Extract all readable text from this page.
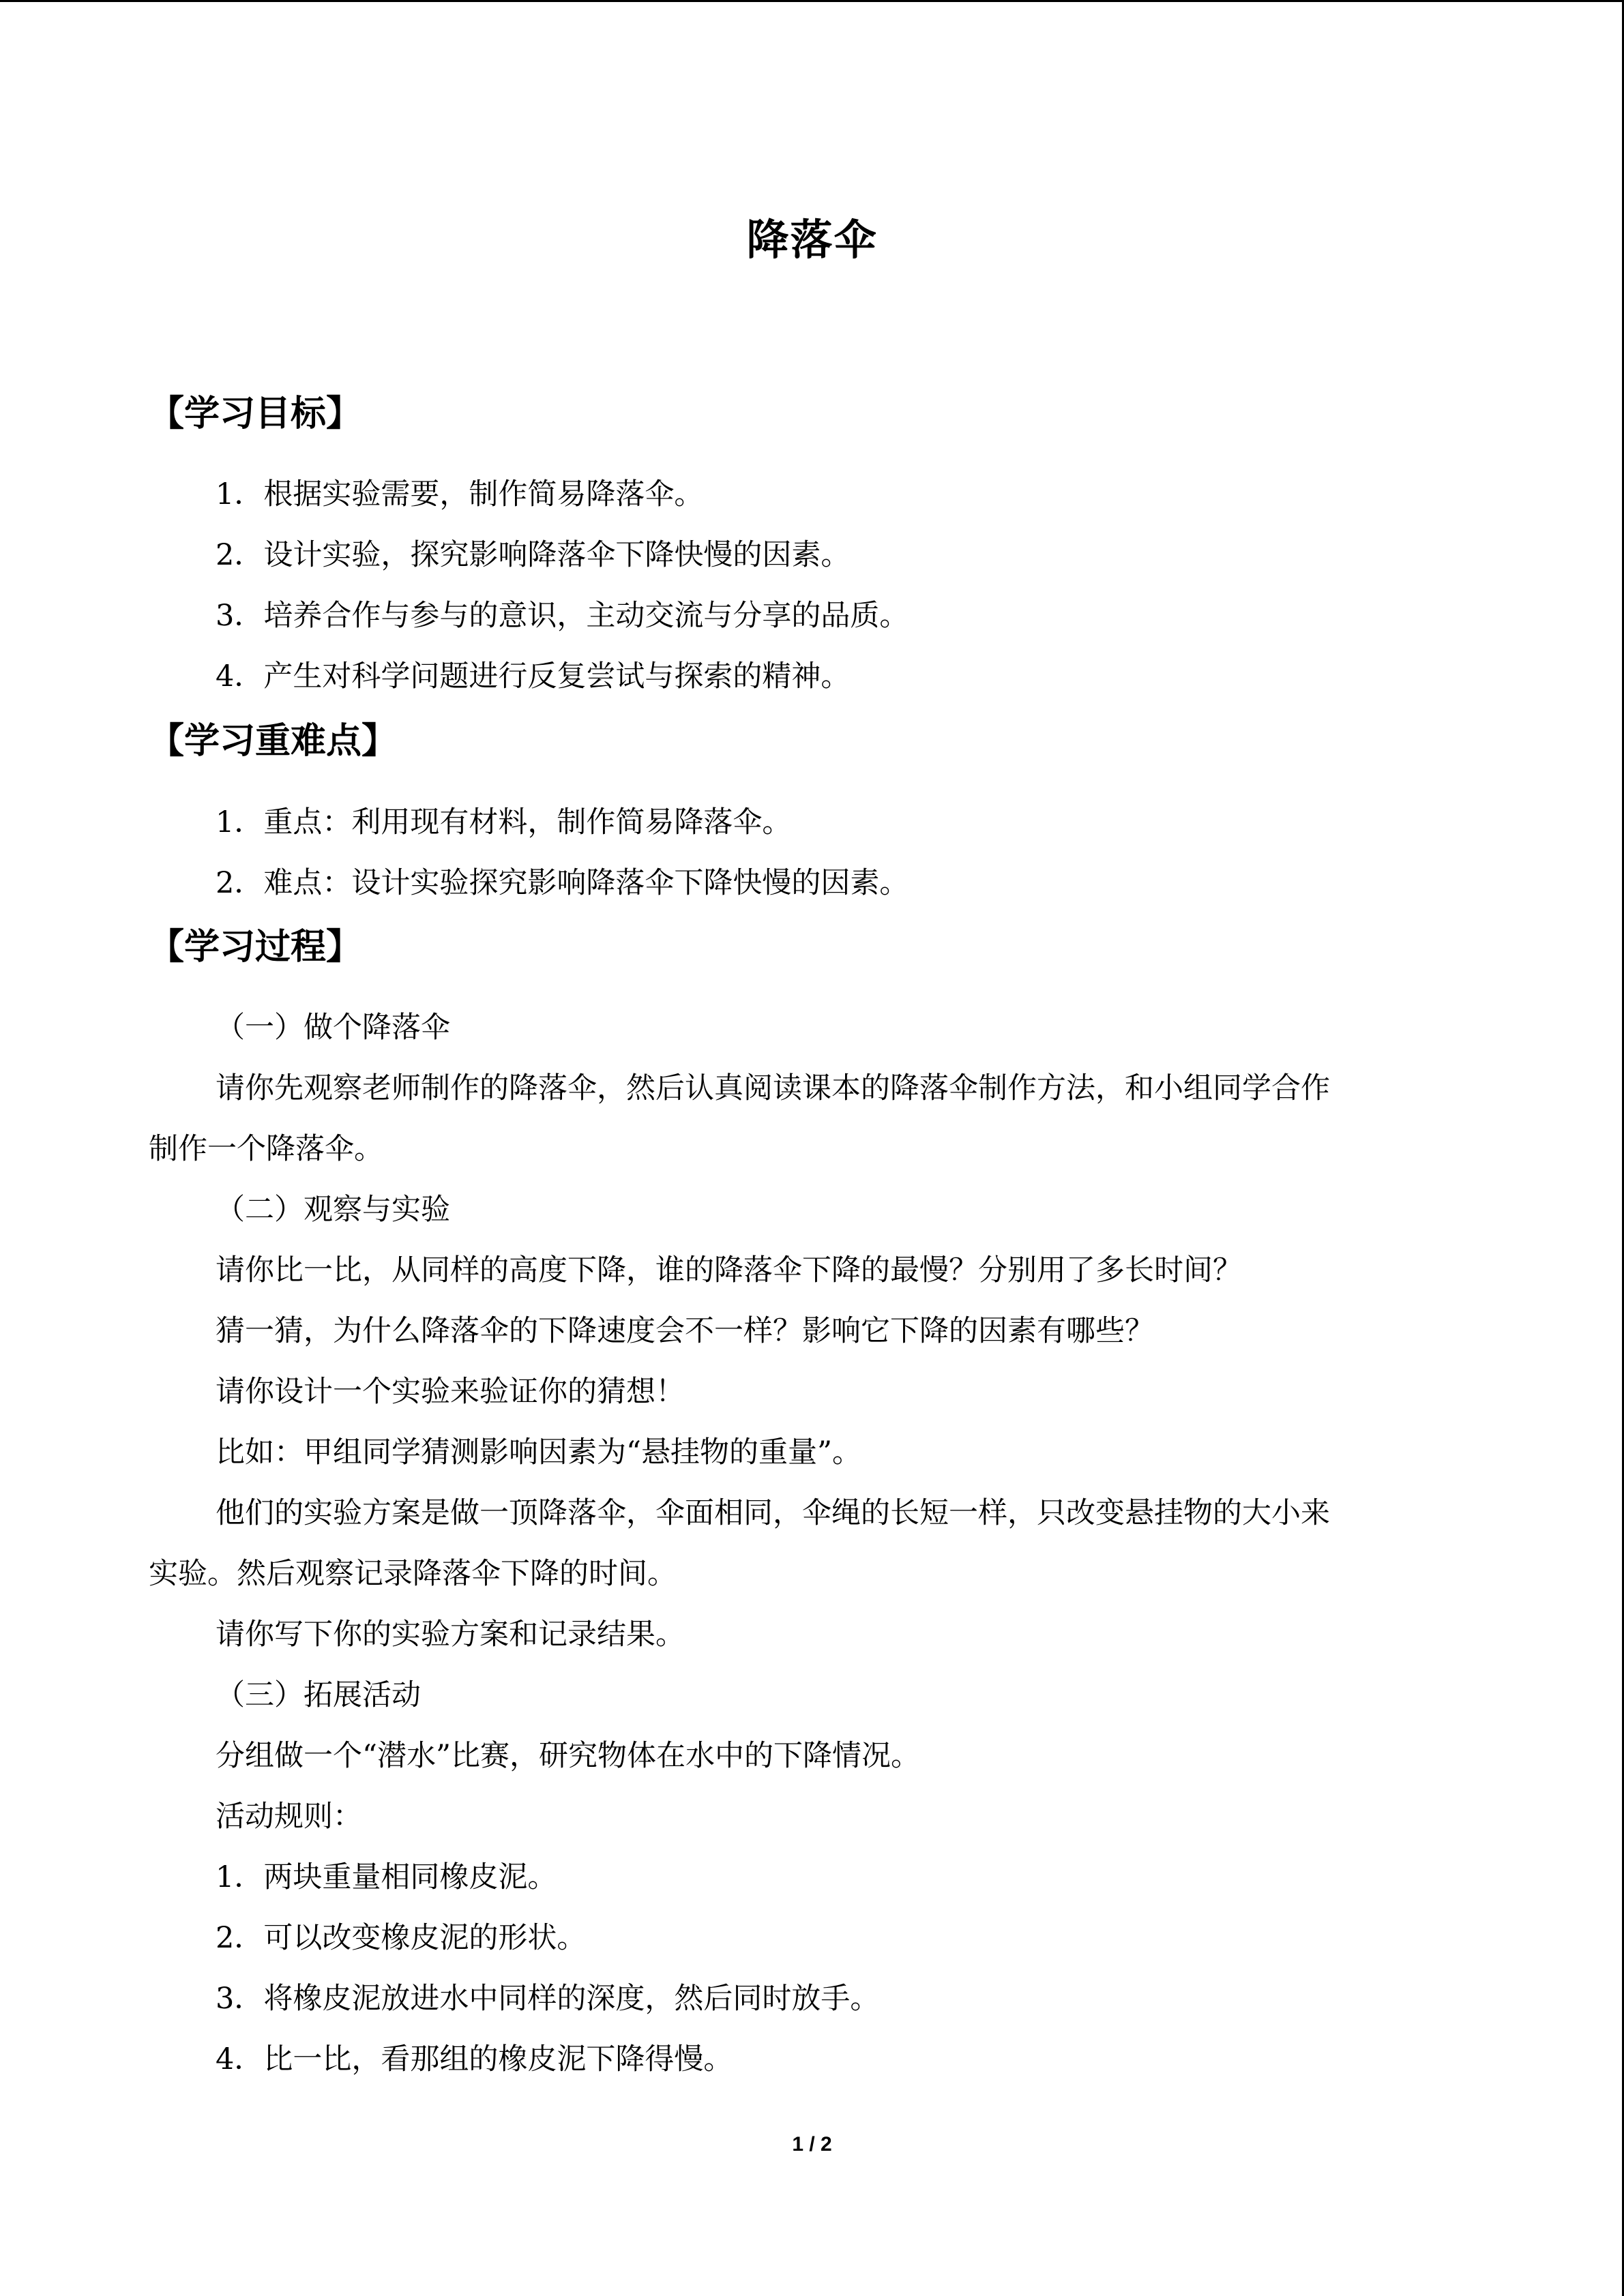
降落伞
【学习目标】
1．根据实验需要，制作简易降落伞。
2．设计实验，探究影响降落伞下降快慢的因素。
3．培养合作与参与的意识，主动交流与分享的品质。
4．产生对科学问题进行反复尝试与探索的精神。
【学习重难点】
1．重点：利用现有材料，制作简易降落伞。
2．难点：设计实验探究影响降落伞下降快慢的因素。
【学习过程】
（一）做个降落伞
请你先观察老师制作的降落伞，然后认真阅读课本的降落伞制作方法，和小组同学合作
制作一个降落伞。
（二）观察与实验
请你比一比，从同样的高度下降，谁的降落伞下降的最慢？分别用了多长时间？
猜一猜，为什么降落伞的下降速度会不一样？影响它下降的因素有哪些？
请你设计一个实验来验证你的猜想！
比如：甲组同学猜测影响因素为“悬挂物的重量”。
他们的实验方案是做一顶降落伞，伞面相同，伞绳的长短一样，只改变悬挂物的大小来
实验。然后观察记录降落伞下降的时间。
请你写下你的实验方案和记录结果。
（三）拓展活动
分组做一个“潜水”比赛，研究物体在水中的下降情况。
活动规则：
1．两块重量相同橡皮泥。
2．可以改变橡皮泥的形状。
3．将橡皮泥放进水中同样的深度，然后同时放手。
4．比一比，看那组的橡皮泥下降得慢。
1 / 2
